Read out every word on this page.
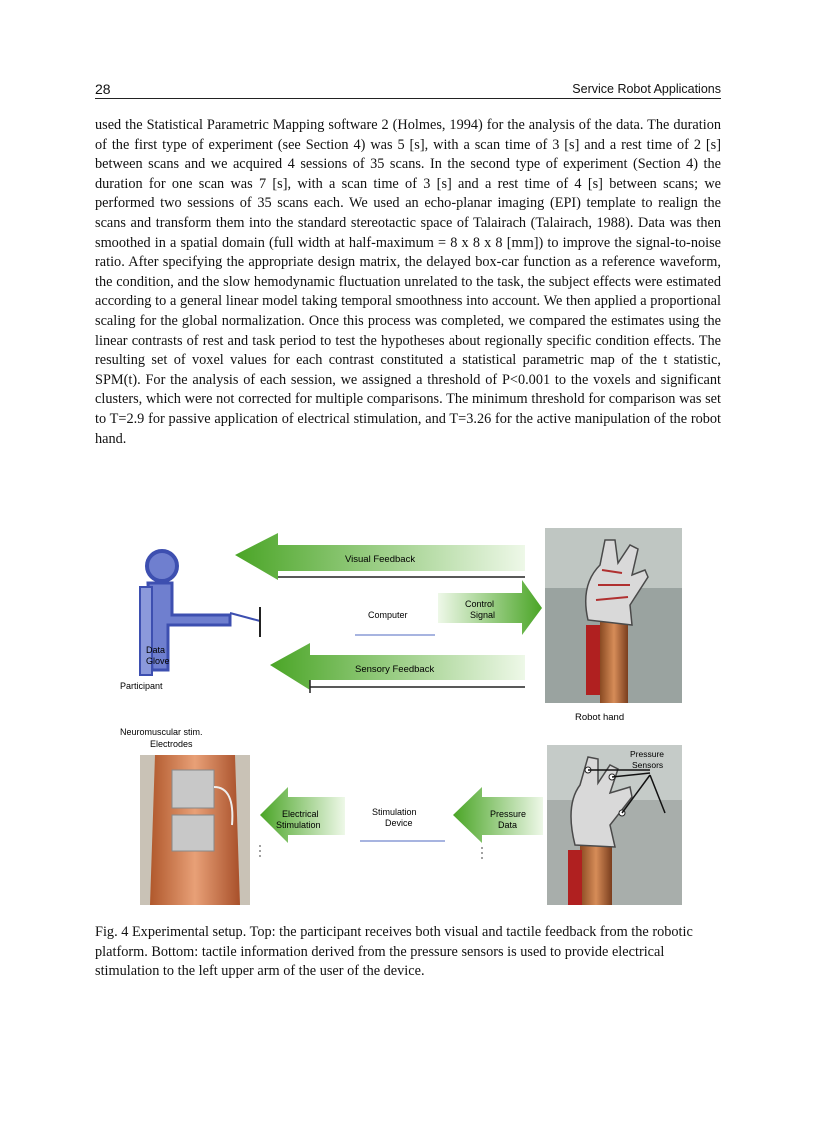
28	Service Robot Applications
used the Statistical Parametric Mapping software 2 (Holmes, 1994) for the analysis of the data. The duration of the first type of experiment (see Section 4) was 5 [s], with a scan time of 3 [s] and a rest time of 2 [s] between scans and we acquired 4 sessions of 35 scans. In the second type of experiment (Section 4) the duration for one scan was 7 [s], with a scan time of 3 [s] and a rest time of 4 [s] between scans; we performed two sessions of 35 scans each. We used an echo-planar imaging (EPI) template to realign the scans and transform them into the standard stereotactic space of Talairach (Talairach, 1988). Data was then smoothed in a spatial domain (full width at half-maximum = 8 x 8 x 8 [mm]) to improve the signal-to-noise ratio. After specifying the appropriate design matrix, the delayed box-car function as a reference waveform, the condition, and the slow hemodynamic fluctuation unrelated to the task, the subject effects were estimated according to a general linear model taking temporal smoothness into account. We then applied a proportional scaling for the global normalization. Once this process was completed, we compared the estimates using the linear contrasts of rest and task period to test the hypotheses about regionally specific condition effects. The resulting set of voxel values for each contrast constituted a statistical parametric map of the t statistic, SPM(t). For the analysis of each session, we assigned a threshold of P<0.001 to the voxels and significant clusters, which were not corrected for multiple comparisons. The minimum threshold for comparison was set to T=2.9 for passive application of electrical stimulation, and T=3.26 for the active manipulation of the robot hand.
Data
Glove
Participant
Visual Feedback
Computer
Control
Signal
Sensory Feedback
Robot hand
Neuromuscular stim.
Electrodes
Electrical
Stimulation
Stimulation
Device
Pressure
Data
Pressure
Sensors
Fig. 4 Experimental setup. Top: the participant receives both visual and tactile feedback from the robotic platform. Bottom: tactile information derived from the pressure sensors is used to provide electrical stimulation to the left upper arm of the user of the device.
